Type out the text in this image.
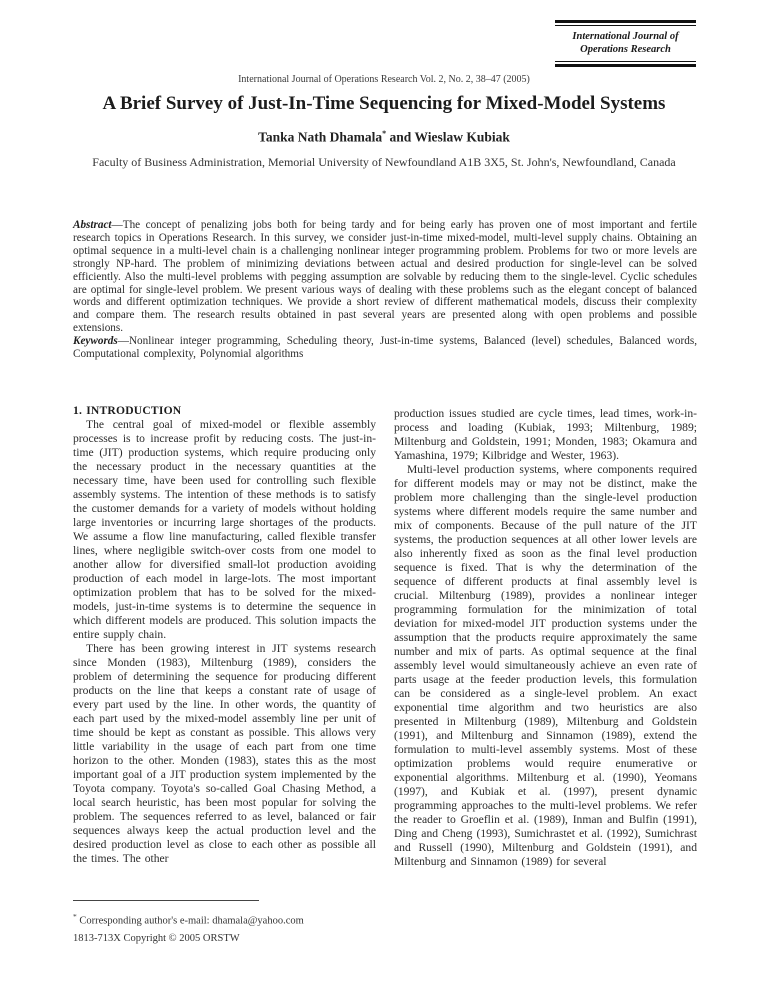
International Journal of
Operations Research
International Journal of Operations Research Vol. 2, No. 2, 38–47 (2005)
A Brief Survey of Just-In-Time Sequencing for Mixed-Model Systems
Tanka Nath Dhamala* and Wieslaw Kubiak
Faculty of Business Administration, Memorial University of Newfoundland A1B 3X5, St. John's, Newfoundland, Canada

Abstract—The concept of penalizing jobs both for being tardy and for being early has proven one of most important and fertile research topics in Operations Research. In this survey, we consider just-in-time mixed-model, multi-level supply chains. Obtaining an optimal sequence in a multi-level chain is a challenging nonlinear integer programming problem. Problems for two or more levels are strongly NP-hard. The problem of minimizing deviations between actual and desired production for single-level can be solved efficiently. Also the multi-level problems with pegging assumption are solvable by reducing them to the single-level. Cyclic schedules are optimal for single-level problem. We present various ways of dealing with these problems such as the elegant concept of balanced words and different optimization techniques. We provide a short review of different mathematical models, discuss their complexity and compare them. The research results obtained in past several years are presented along with open problems and possible extensions.

Keywords—Nonlinear integer programming, Scheduling theory, Just-in-time systems, Balanced (level) schedules, Balanced words, Computational complexity, Polynomial algorithms

1. INTRODUCTION

The central goal of mixed-model or flexible assembly processes is to increase profit by reducing costs. The just-in-time (JIT) production systems, which require producing only the necessary product in the necessary quantities at the necessary time, have been used for controlling such flexible assembly systems. The intention of these methods is to satisfy the customer demands for a variety of models without holding large inventories or incurring large shortages of the products. We assume a flow line manufacturing, called flexible transfer lines, where negligible switch-over costs from one model to another allow for diversified small-lot production avoiding production of each model in large-lots. The most important optimization problem that has to be solved for the mixed-models, just-in-time systems is to determine the sequence in which different models are produced. This solution impacts the entire supply chain.

There has been growing interest in JIT systems research since Monden (1983), Miltenburg (1989), considers the problem of determining the sequence for producing different products on the line that keeps a constant rate of usage of every part used by the line. In other words, the quantity of each part used by the mixed-model assembly line per unit of time should be kept as constant as possible. This allows very little variability in the usage of each part from one time horizon to the other. Monden (1983), states this as the most important goal of a JIT production system implemented by the Toyota company. Toyota's so-called Goal Chasing Method, a local search heuristic, has been most popular for solving the problem. The sequences referred to as level, balanced or fair sequences always keep the actual production level and the desired production level as close to each other as possible all the times. The other

production issues studied are cycle times, lead times, work-in-process and loading (Kubiak, 1993; Miltenburg, 1989; Miltenburg and Goldstein, 1991; Monden, 1983; Okamura and Yamashina, 1979; Kilbridge and Wester, 1963).

Multi-level production systems, where components required for different models may or may not be distinct, make the problem more challenging than the single-level production systems where different models require the same number and mix of components. Because of the pull nature of the JIT systems, the production sequences at all other lower levels are also inherently fixed as soon as the final level production sequence is fixed. That is why the determination of the sequence of different products at final assembly level is crucial. Miltenburg (1989), provides a nonlinear integer programming formulation for the minimization of total deviation for mixed-model JIT production systems under the assumption that the products require approximately the same number and mix of parts. As optimal sequence at the final assembly level would simultaneously achieve an even rate of parts usage at the feeder production levels, this formulation can be considered as a single-level problem. An exact exponential time algorithm and two heuristics are also presented in Miltenburg (1989), Miltenburg and Goldstein (1991), and Miltenburg and Sinnamon (1989), extend the formulation to multi-level assembly systems. Most of these optimization problems would require enumerative or exponential algorithms. Miltenburg et al. (1990), Yeomans (1997), and Kubiak et al. (1997), present dynamic programming approaches to the multi-level problems. We refer the reader to Groeflin et al. (1989), Inman and Bulfin (1991), Ding and Cheng (1993), Sumichrastet et al. (1992), Sumichrast and Russell (1990), Miltenburg and Goldstein (1991), and Miltenburg and Sinnamon (1989) for several

* Corresponding author's e-mail: dhamala@yahoo.com
1813-713X Copyright © 2005 ORSTW
